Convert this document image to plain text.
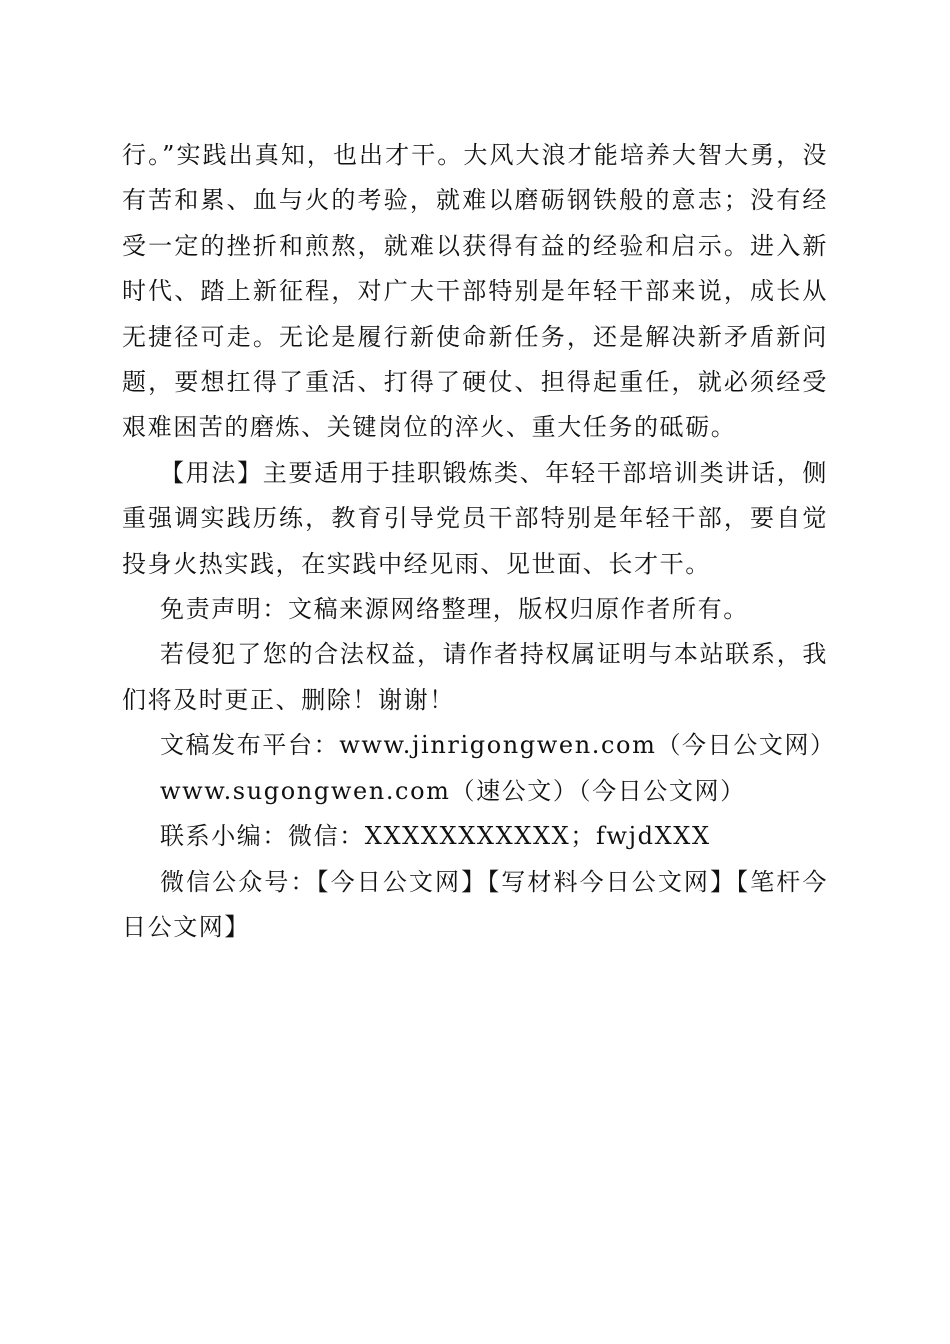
行。”实践出真知，也出才干。大风大浪才能培养大智大勇，没有苦和累、血与火的考验，就难以磨砺钢铁般的意志；没有经受一定的挫折和煎熬，就难以获得有益的经验和启示。进入新时代、踏上新征程，对广大干部特别是年轻干部来说，成长从无捷径可走。无论是履行新使命新任务，还是解决新矛盾新问题，要想扛得了重活、打得了硬仗、担得起重任，就必须经受艰难困苦的磨炼、关键岗位的淬火、重大任务的砥砺。

【用法】主要适用于挂职锻炼类、年轻干部培训类讲话，侧重强调实践历练，教育引导党员干部特别是年轻干部，要自觉投身火热实践，在实践中经见雨、见世面、长才干。

免责声明：文稿来源网络整理，版权归原作者所有。

若侵犯了您的合法权益，请作者持权属证明与本站联系，我们将及时更正、删除！谢谢！

文稿发布平台：www.jinrigongwen.com（今日公文网）

www.sugongwen.com（速公文）（今日公文网）

联系小编：微信：XXXXXXXXXXX；fwjdXXX

微信公众号：【今日公文网】【写材料今日公文网】【笔杆今日公文网】
